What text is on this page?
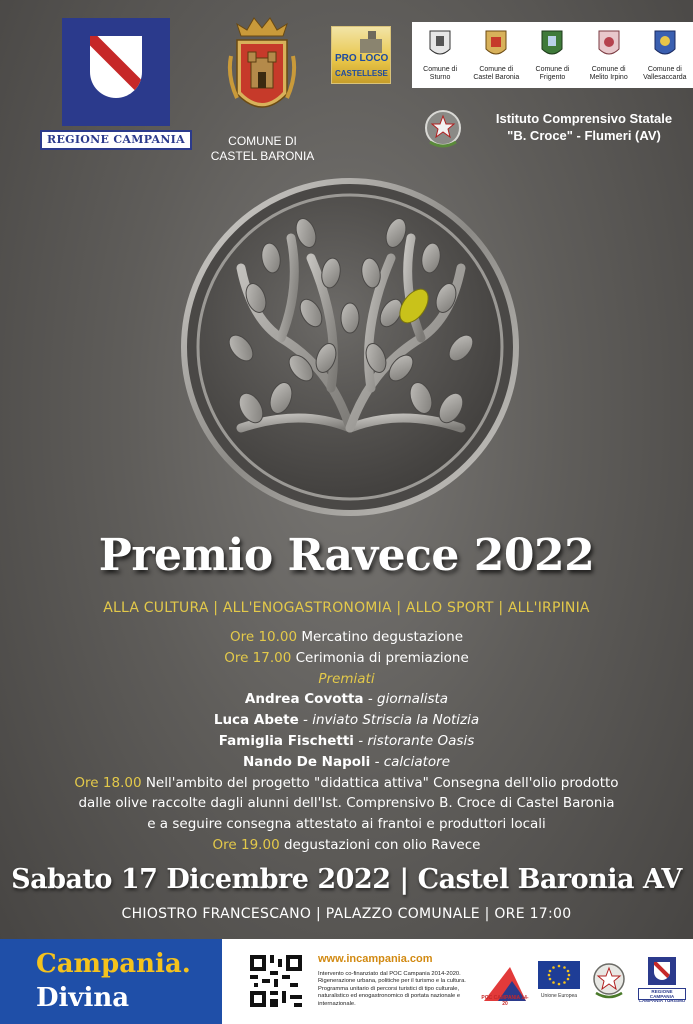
REGIONE CAMPANIA	COMUNE DI
CASTEL BARONIA
PRO LOCO
CASTELLESE	Comune di
Sturno
Comune di
Castel Baronia
Comune di
Frigento
Comune di
Melito Irpino
Comune di
Vallesaccarda
Istituto Comprensivo Statale
"B. Croce" - Flumeri (AV)
Premio Ravece 2022
ALLA CULTURA | ALL'ENOGASTRONOMIA | ALLO SPORT | ALL'IRPINIA
Ore 10.00 Mercatino degustazione
Ore 17.00 Cerimonia di premiazione
Premiati
Andrea Covotta - giornalista
Luca Abete - inviato Striscia la Notizia
Famiglia Fischetti - ristorante Oasis
Nando De Napoli - calciatore
Ore 18.00 Nell'ambito del progetto "didattica attiva" Consegna dell'olio prodotto
dalle olive raccolte dagli alunni dell'Ist. Comprensivo B. Croce di Castel Baronia
e a seguire consegna attestato ai frantoi e produttori locali
Ore 19.00 degustazioni con olio Ravece
Sabato 17 Dicembre 2022 | Castel Baronia AV
CHIOSTRO FRANCESCANO | PALAZZO COMUNALE | ORE 17:00
Campania.
Divina
www.incampania.com
Intervento co-finanziato dal POC Campania 2014-2020. Rigenerazione urbana, politiche per il turismo e la cultura. Programma unitario di percorsi turistici di tipo culturale, naturalistico ed enogastronomico di portata nazionale e internazionale.
POC CAMPANIA 14-20
Unione Europea
REGIONE CAMPANIA
CAMPANIA TURISMO
